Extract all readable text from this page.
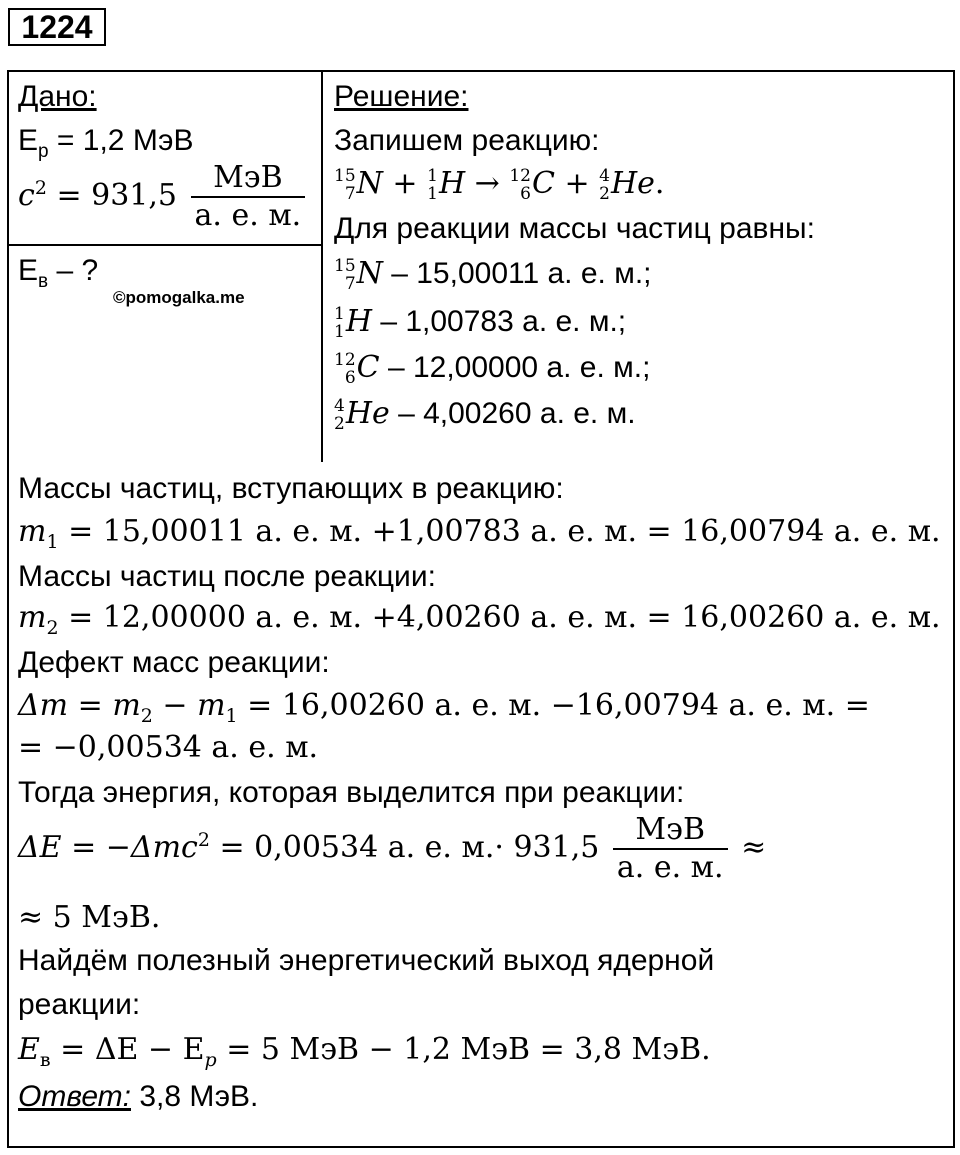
1224
Дано:
$E_р = 1,2$ МэВ
$c^2 = 931,5 \frac{\text{МэВ}}{а. е. м.}$
$E_в$ – ?
©pomogalka.me
Решение:
Запишем реакцию:
15
7 N + 1
1 H → 12
6 C + 4
2 He.
Для реакции массы частиц равны:
15
7 N – 15,00011 а. е. м.;
1
1 H – 1,00783 а. е. м.;
12
6 C – 12,00000 а. е. м.;
4
2 He – 4,00260 а. е. м.
Массы частиц, вступающих в реакцию:
$m_1 = 15,00011$ а. е. м. +1,00783 а. е. м. = 16,00794 а. е. м.
Массы частиц после реакции:
$m_2 = 12,00000$ а. е. м. +4,00260 а. е. м. = 16,00260 а. е. м.
Дефект масс реакции:
$\Delta m = m_2 - m_1 = 16,00260$ а. е. м. −16,00794 а. е. м. =
= −0,00534 а. е. м.
Тогда энергия, которая выделится при реакции:
ΔE = −Δmc$^2$ = 0,00534 а. е. $м.\cdot 931,5 \frac{\text{МэВ}}{а. е. м.}$ ≈
≈ 5 МэВ.
Найдём полезный энергетический выход ядерной
реакции:
$E_в = \Delta E - E_p = 5$ МэВ − 1,2 МэВ = 3,8 МэВ.
Ответ: 3,8 МэВ.
